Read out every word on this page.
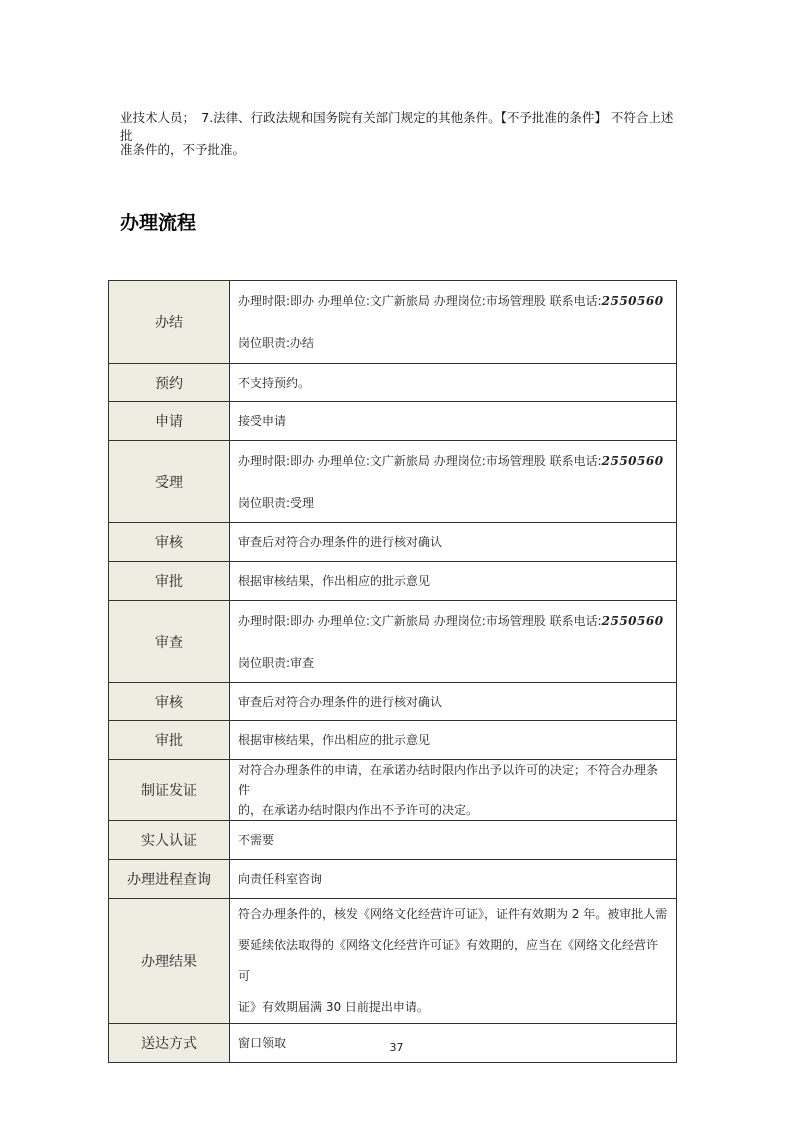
业技术人员；　7.法律、行政法规和国务院有关部门规定的其他条件。【不予批准的条件】 不符合上述批
准条件的，不予批准。
办理流程
办结	办理时限:即办 办理单位:文广新旅局 办理岗位:市场管理股 联系电话:2550560
岗位职责:办结

预约	不支持预约。

申请	接受申请

受理	办理时限:即办 办理单位:文广新旅局 办理岗位:市场管理股 联系电话:2550560
岗位职责:受理

审核	审查后对符合办理条件的进行核对确认

审批	根据审核结果，作出相应的批示意见

审查	办理时限:即办 办理单位:文广新旅局 办理岗位:市场管理股 联系电话:2550560
岗位职责:审查

审核	审查后对符合办理条件的进行核对确认

审批	根据审核结果，作出相应的批示意见

制证发证	对符合办理条件的申请，在承诺办结时限内作出予以许可的决定；不符合办理条件
的，在承诺办结时限内作出不予许可的决定。

实人认证	不需要

办理进程查询	向责任科室咨询

办理结果	符合办理条件的，核发《网络文化经营许可证》，证件有效期为 2 年。被审批人需
要延续依法取得的《网络文化经营许可证》有效期的，应当在《网络文化经营许可
证》有效期届满 30 日前提出申请。

送达方式	窗口领取	37
